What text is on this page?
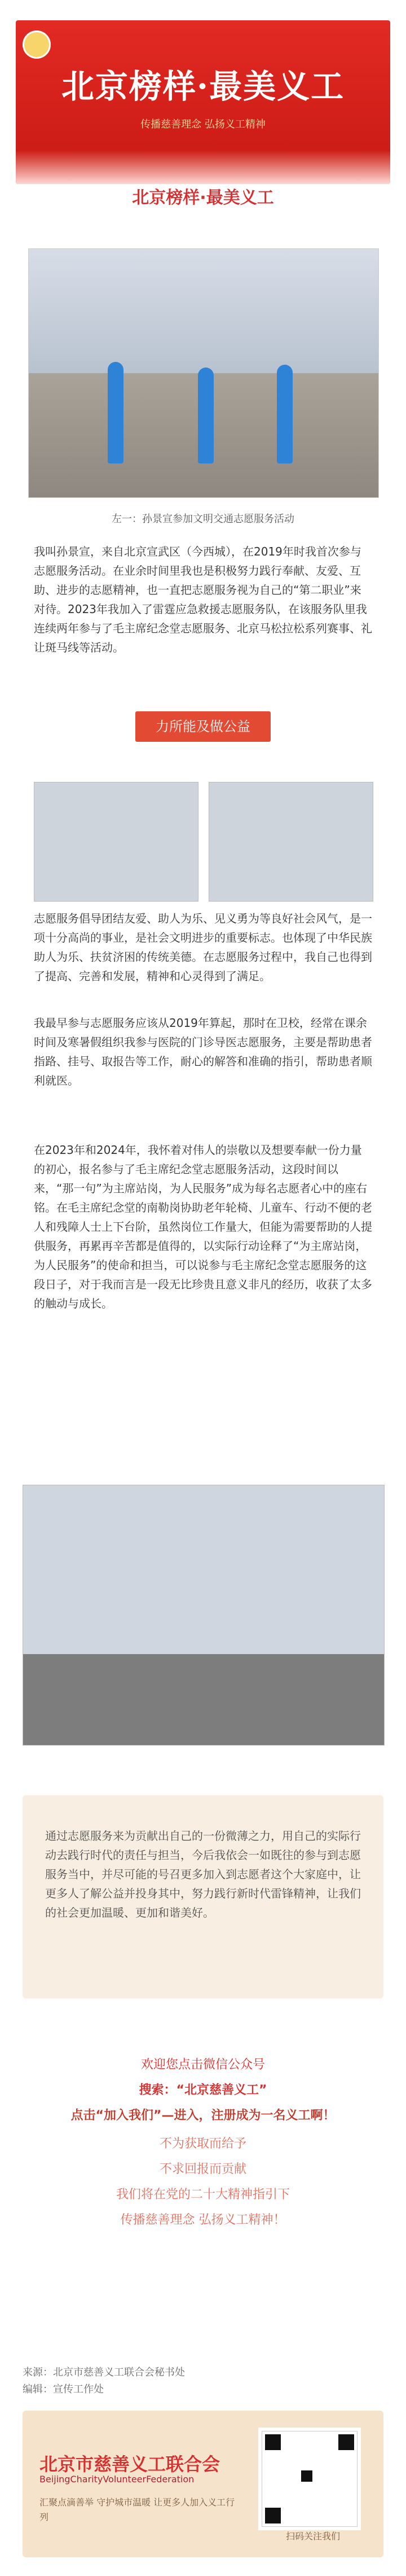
北京榜样·最美义工
传播慈善理念 弘扬义工精神
北京榜样·最美义工
左一：孙景宣参加文明交通志愿服务活动
我叫孙景宣，来自北京宣武区（今西城），在2019年时我首次参与志愿服务活动。在业余时间里我也是积极努力践行奉献、友爱、互助、进步的志愿精神，也一直把志愿服务视为自己的“第二职业”来对待。2023年我加入了雷霆应急救援志愿服务队，在该服务队里我连续两年参与了毛主席纪念堂志愿服务、北京马松拉松系列赛事、礼让斑马线等活动。
力所能及做公益
志愿服务倡导团结友爱、助人为乐、见义勇为等良好社会风气，是一项十分高尚的事业，是社会文明进步的重要标志。也体现了中华民族助人为乐、扶贫济困的传统美德。在志愿服务过程中，我自己也得到了提高、完善和发展，精神和心灵得到了满足。
我最早参与志愿服务应该从2019年算起，那时在卫校，经常在课余时间及寒暑假组织我参与医院的门诊导医志愿服务，主要是帮助患者指路、挂号、取报告等工作，耐心的解答和准确的指引，帮助患者顺利就医。
在2023年和2024年，我怀着对伟人的崇敬以及想要奉献一份力量的初心，报名参与了毛主席纪念堂志愿服务活动，这段时间以来，“那一句”为主席站岗，为人民服务”成为每名志愿者心中的座右铭。在毛主席纪念堂的南勒岗协助老年轮椅、儿童车、行动不便的老人和残障人士上下台阶，虽然岗位工作量大，但能为需要帮助的人提供服务，再累再辛苦都是值得的，以实际行动诠释了“为主席站岗，为人民服务”的使命和担当，可以说参与毛主席纪念堂志愿服务的这段日子，对于我而言是一段无比珍贵且意义非凡的经历，收获了太多的触动与成长。
通过志愿服务来为贡献出自己的一份微薄之力，用自己的实际行动去践行时代的责任与担当，今后我依会一如既往的参与到志愿服务当中，并尽可能的号召更多加入到志愿者这个大家庭中，让更多人了解公益并投身其中，努力践行新时代雷锋精神，让我们的社会更加温暖、更加和谐美好。
欢迎您点击微信公众号
搜索：“北京慈善义工”
点击“加入我们”—进入，注册成为一名义工啊！
不为获取而给予
不求回报而贡献
我们将在党的二十大精神指引下
传播慈善理念 弘扬义工精神！
来源：北京市慈善义工联合会秘书处
编辑：宣传工作处
北京市慈善义工联合会
BeijingCharityVolunteerFederation
汇聚点滴善举 守护城市温暖 让更多人加入义工行列
扫码关注我们
